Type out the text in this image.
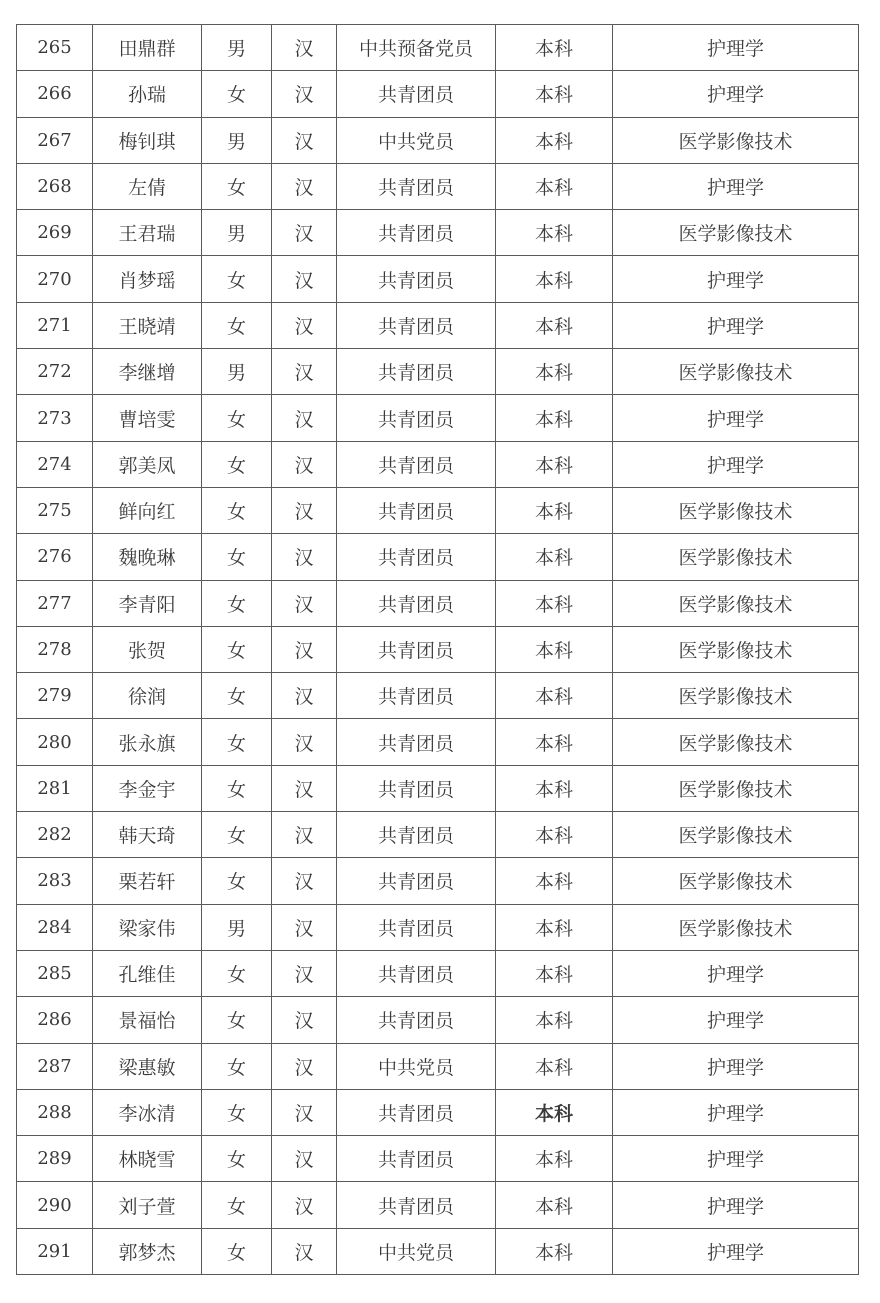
265	田鼎群	男	汉	中共预备党员	本科	护理学
266	孙瑞	女	汉	共青团员	本科	护理学
267	梅钊琪	男	汉	中共党员	本科	医学影像技术
268	左倩	女	汉	共青团员	本科	护理学
269	王君瑞	男	汉	共青团员	本科	医学影像技术
270	肖梦瑶	女	汉	共青团员	本科	护理学
271	王晓靖	女	汉	共青团员	本科	护理学
272	李继增	男	汉	共青团员	本科	医学影像技术
273	曹培雯	女	汉	共青团员	本科	护理学
274	郭美凤	女	汉	共青团员	本科	护理学
275	鲜向红	女	汉	共青团员	本科	医学影像技术
276	魏晚琳	女	汉	共青团员	本科	医学影像技术
277	李青阳	女	汉	共青团员	本科	医学影像技术
278	张贺	女	汉	共青团员	本科	医学影像技术
279	徐润	女	汉	共青团员	本科	医学影像技术
280	张永旗	女	汉	共青团员	本科	医学影像技术
281	李金宇	女	汉	共青团员	本科	医学影像技术
282	韩天琦	女	汉	共青团员	本科	医学影像技术
283	栗若轩	女	汉	共青团员	本科	医学影像技术
284	梁家伟	男	汉	共青团员	本科	医学影像技术
285	孔维佳	女	汉	共青团员	本科	护理学
286	景福怡	女	汉	共青团员	本科	护理学
287	梁惠敏	女	汉	中共党员	本科	护理学
288	李冰清	女	汉	共青团员	本科	护理学
289	林晓雪	女	汉	共青团员	本科	护理学
290	刘子萱	女	汉	共青团员	本科	护理学
291	郭梦杰	女	汉	中共党员	本科	护理学
